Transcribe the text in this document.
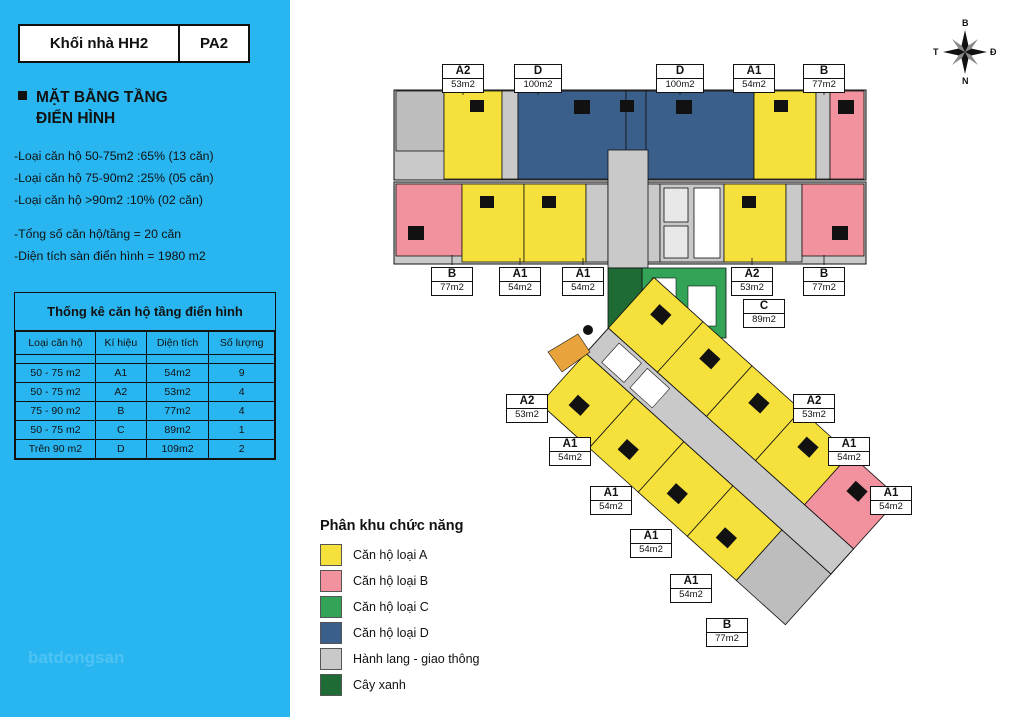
Khối nhà HH2	PA2
MẶT BẰNG TẦNG
ĐIỂN HÌNH
-Loại căn hộ 50-75m2 :65% (13 căn)
-Loại căn hộ 75-90m2 :25% (05 căn)
-Loại căn hộ >90m2 :10% (02 căn)
-Tổng số căn hộ/tầng = 20 căn
-Diện tích sàn điển hình = 1980 m2
Thống kê căn hộ tầng điển hình
Loại căn hộ	Kí hiệu	Diện tích	Số lượng

50 - 75 m2	A1	54m2	9
50 - 75 m2	A2	53m2	4
75 - 90 m2	B	77m2	4
50 - 75 m2	C	89m2	1
Trên 90 m2	D	109m2	2
batdongsan
Phân khu chức năng
Căn hộ loại A
Căn hộ loại B
Căn hộ loại C
Căn hộ loại D
Hành lang - giao thông
Cây xanh
B
N
T	Đ
A2
53m2
D
100m2
D
100m2
A1
54m2
B
77m2
B
77m2
A1
54m2
A1
54m2
A2
53m2
B
77m2
C
89m2
A2
53m2
A2
53m2
A1
54m2
A1
54m2
A1
54m2
A1
54m2
A1
54m2
A1
54m2
B
77m2
